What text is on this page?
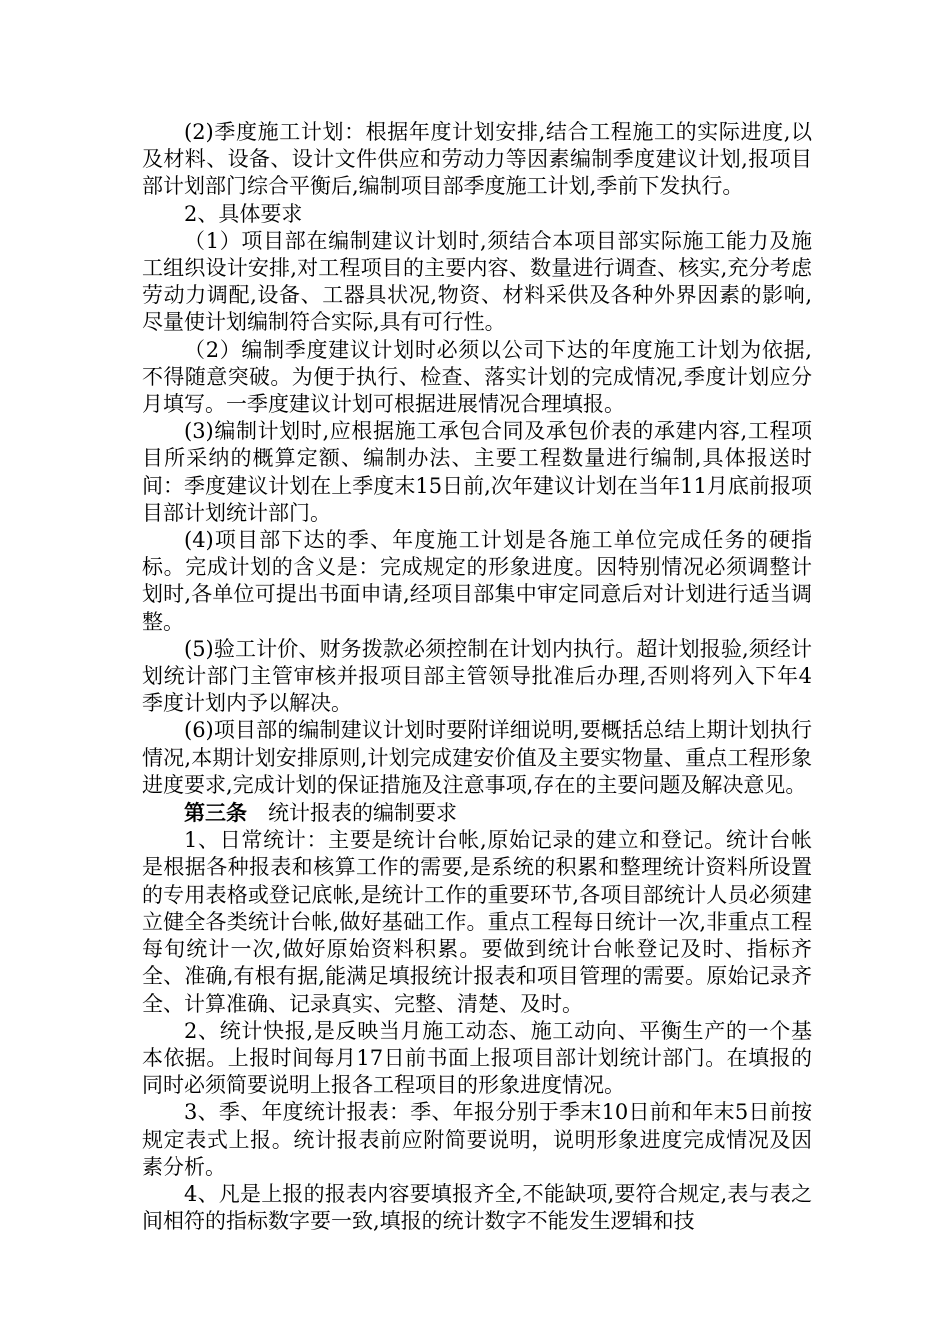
(2)季度施工计划：根据年度计划安排,结合工程施工的实际进度,以及材料、设备、设计文件供应和劳动力等因素编制季度建议计划,报项目部计划部门综合平衡后,编制项目部季度施工计划,季前下发执行。

2、具体要求

（1）项目部在编制建议计划时,须结合本项目部实际施工能力及施工组织设计安排,对工程项目的主要内容、数量进行调查、核实,充分考虑劳动力调配,设备、工器具状况,物资、材料采供及各种外界因素的影响,尽量使计划编制符合实际,具有可行性。

（2）编制季度建议计划时必须以公司下达的年度施工计划为依据,不得随意突破。为便于执行、检查、落实计划的完成情况,季度计划应分月填写。一季度建议计划可根据进展情况合理填报。

(3)编制计划时,应根据施工承包合同及承包价表的承建内容,工程项目所采纳的概算定额、编制办法、主要工程数量进行编制,具体报送时间：季度建议计划在上季度末15日前,次年建议计划在当年11月底前报项目部计划统计部门。

(4)项目部下达的季、年度施工计划是各施工单位完成任务的硬指标。完成计划的含义是：完成规定的形象进度。因特别情况必须调整计划时,各单位可提出书面申请,经项目部集中审定同意后对计划进行适当调整。

(5)验工计价、财务拨款必须控制在计划内执行。超计划报验,须经计划统计部门主管审核并报项目部主管领导批准后办理,否则将列入下年4季度计划内予以解决。

(6)项目部的编制建议计划时要附详细说明,要概括总结上期计划执行情况,本期计划安排原则,计划完成建安价值及主要实物量、重点工程形象进度要求,完成计划的保证措施及注意事项,存在的主要问题及解决意见。

第三条 统计报表的编制要求

1、日常统计：主要是统计台帐,原始记录的建立和登记。统计台帐是根据各种报表和核算工作的需要,是系统的积累和整理统计资料所设置的专用表格或登记底帐,是统计工作的重要环节,各项目部统计人员必须建立健全各类统计台帐,做好基础工作。重点工程每日统计一次,非重点工程每旬统计一次,做好原始资料积累。要做到统计台帐登记及时、指标齐全、准确,有根有据,能满足填报统计报表和项目管理的需要。原始记录齐全、计算准确、记录真实、完整、清楚、及时。

2、统计快报,是反映当月施工动态、施工动向、平衡生产的一个基本依据。上报时间每月17日前书面上报项目部计划统计部门。在填报的同时必须简要说明上报各工程项目的形象进度情况。

3、季、年度统计报表：季、年报分别于季末10日前和年末5日前按规定表式上报。统计报表前应附简要说明，说明形象进度完成情况及因素分析。

4、凡是上报的报表内容要填报齐全,不能缺项,要符合规定,表与表之间相符的指标数字要一致,填报的统计数字不能发生逻辑和技
